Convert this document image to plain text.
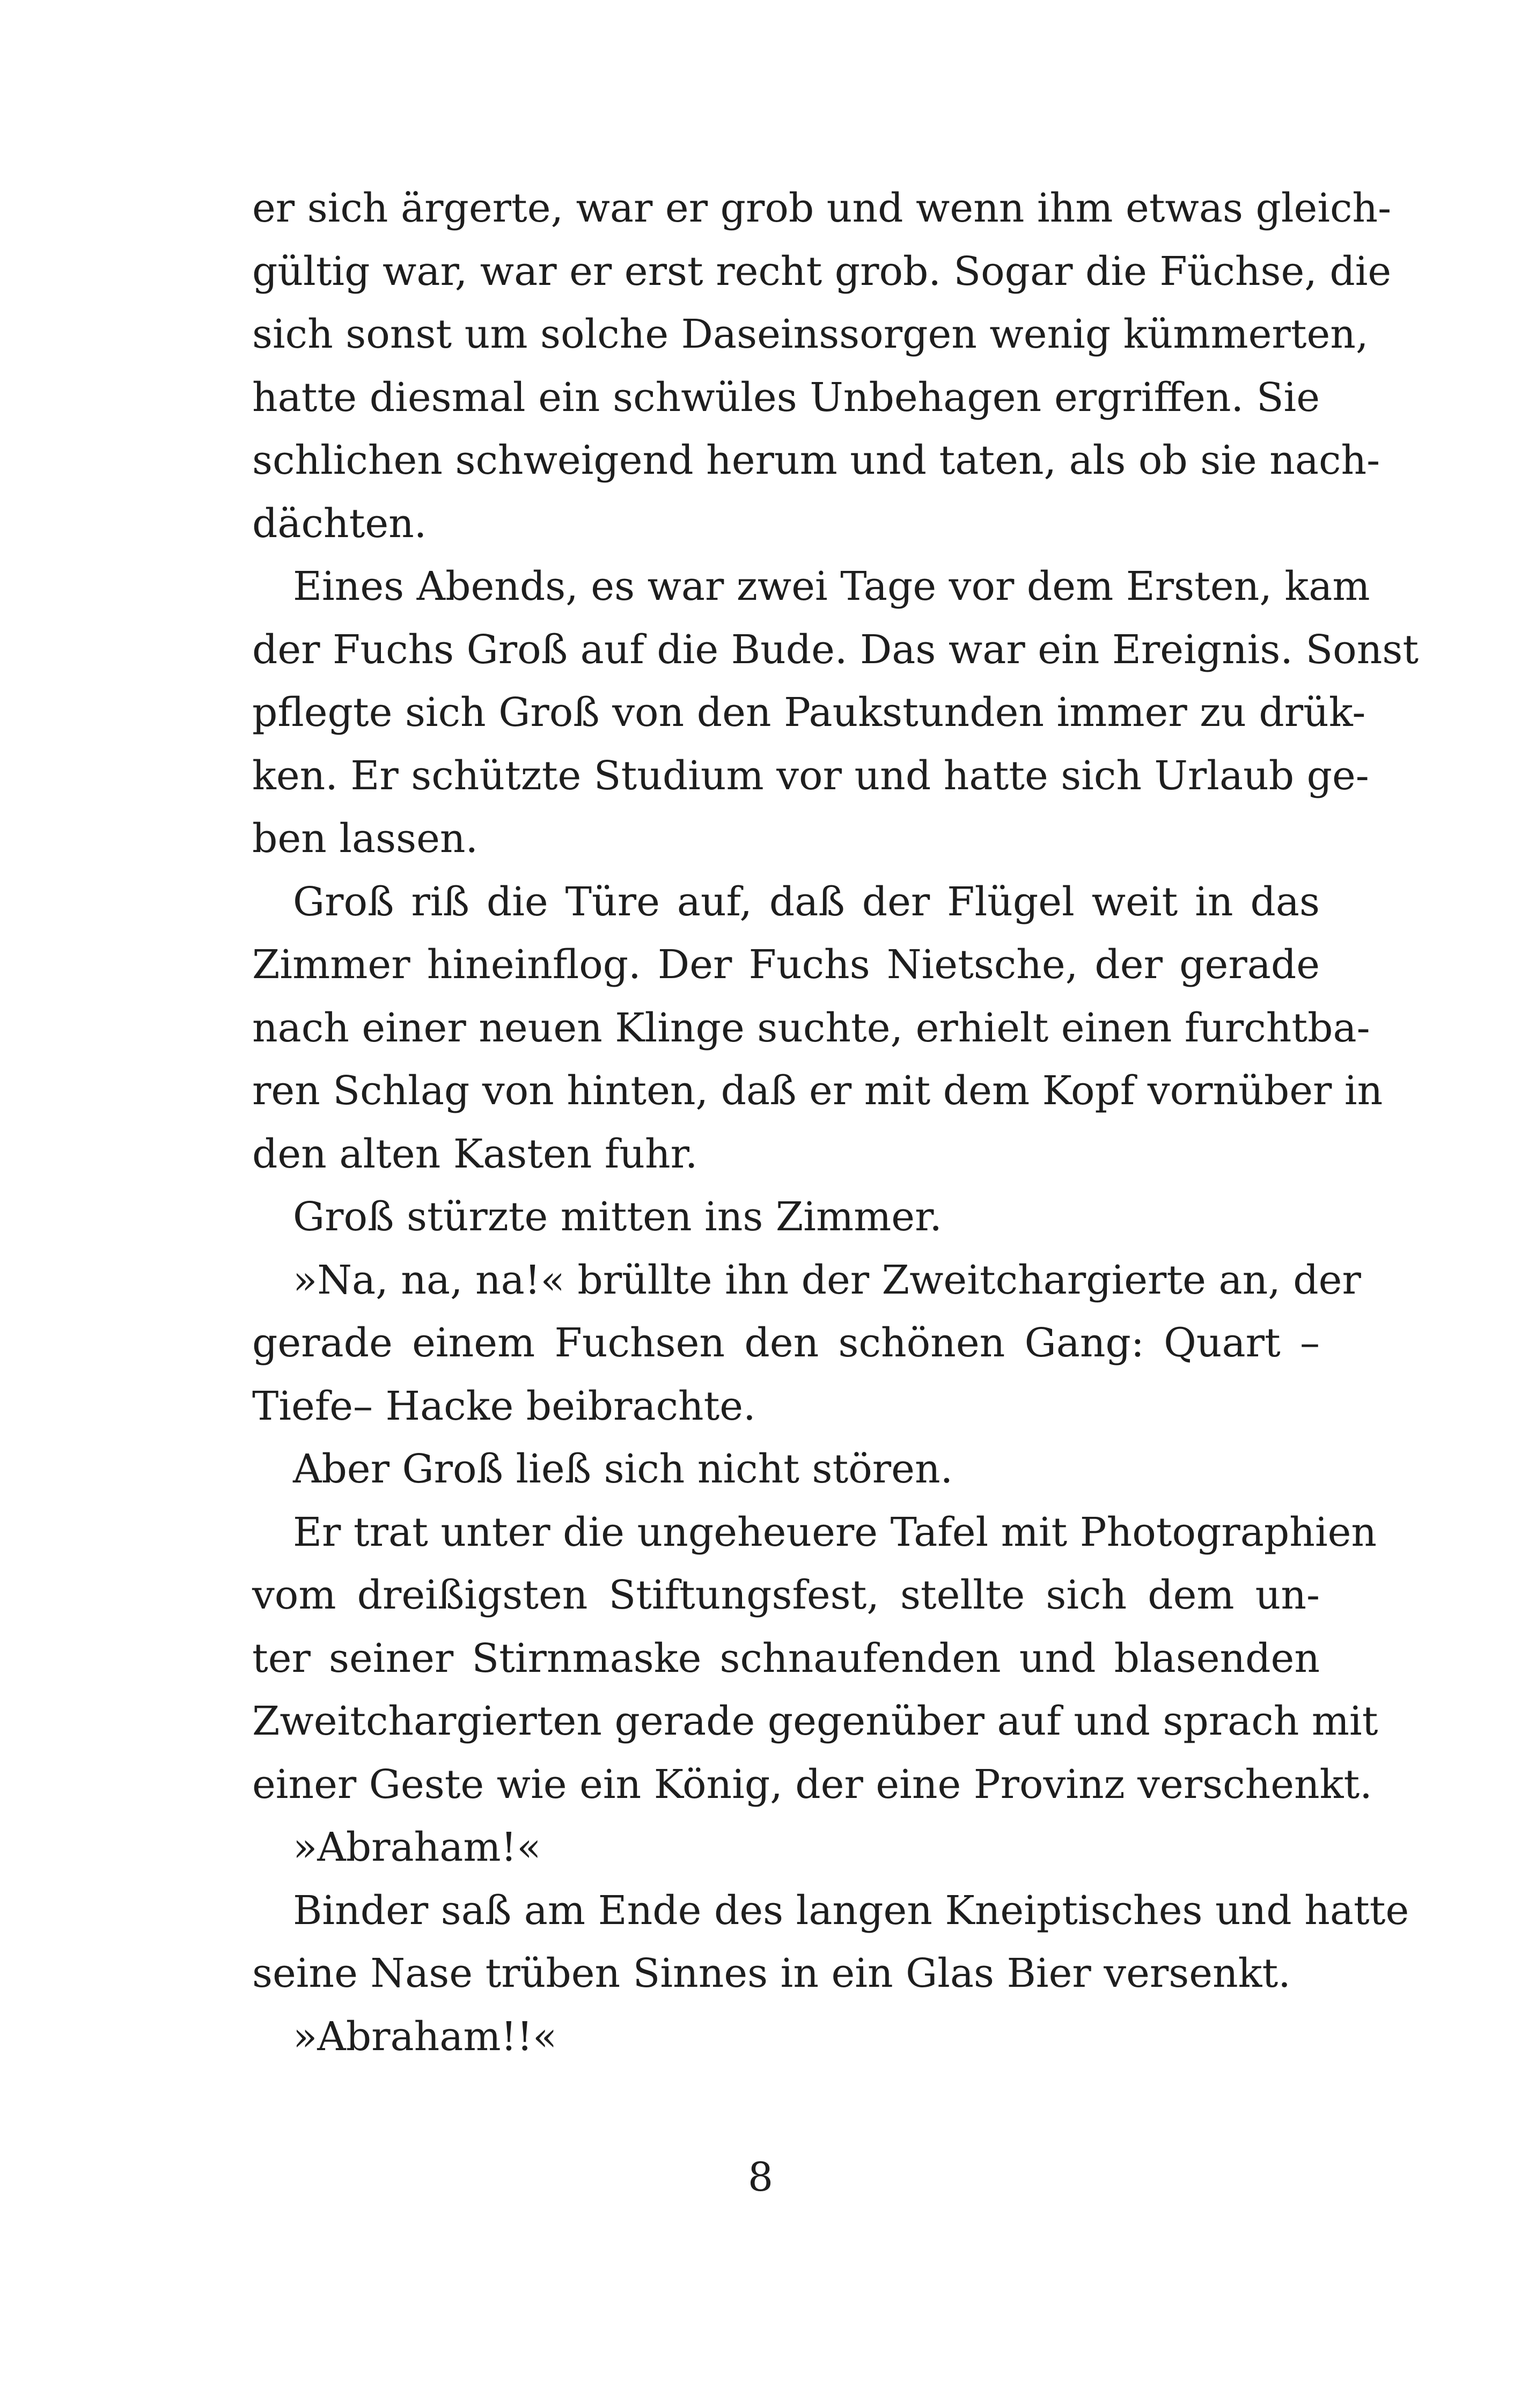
er sich ärgerte, war er grob und wenn ihm etwas gleich-
gültig war, war er erst recht grob. Sogar die Füchse, die
sich sonst um solche Daseinssorgen wenig kümmerten,
hatte diesmal ein schwüles Unbehagen ergriffen. Sie
schlichen schweigend herum und taten, als ob sie nach-
dächten.
Eines Abends, es war zwei Tage vor dem Ersten, kam
der Fuchs Groß auf die Bude. Das war ein Ereignis. Sonst
pflegte sich Groß von den Paukstunden immer zu drük-
ken. Er schützte Studium vor und hatte sich Urlaub ge-
ben lassen.
Groß riß die Türe auf, daß der Flügel weit in das
Zimmer hineinflog. Der Fuchs Nietsche, der gerade
nach einer neuen Klinge suchte, erhielt einen furchtba-
ren Schlag von hinten, daß er mit dem Kopf vornüber in
den alten Kasten fuhr.
Groß stürzte mitten ins Zimmer.
»Na, na, na!« brüllte ihn der Zweitchargierte an, der
gerade einem Fuchsen den schönen Gang: Quart –
Tiefe– Hacke beibrachte.
Aber Groß ließ sich nicht stören.
Er trat unter die ungeheuere Tafel mit Photographien
vom dreißigsten Stiftungsfest, stellte sich dem un-
ter seiner Stirnmaske schnaufenden und blasenden
Zweitchargierten gerade gegenüber auf und sprach mit
einer Geste wie ein König, der eine Provinz verschenkt.
»Abraham!«
Binder saß am Ende des langen Kneiptisches und hatte
seine Nase trüben Sinnes in ein Glas Bier versenkt.
»Abraham!!«
8
